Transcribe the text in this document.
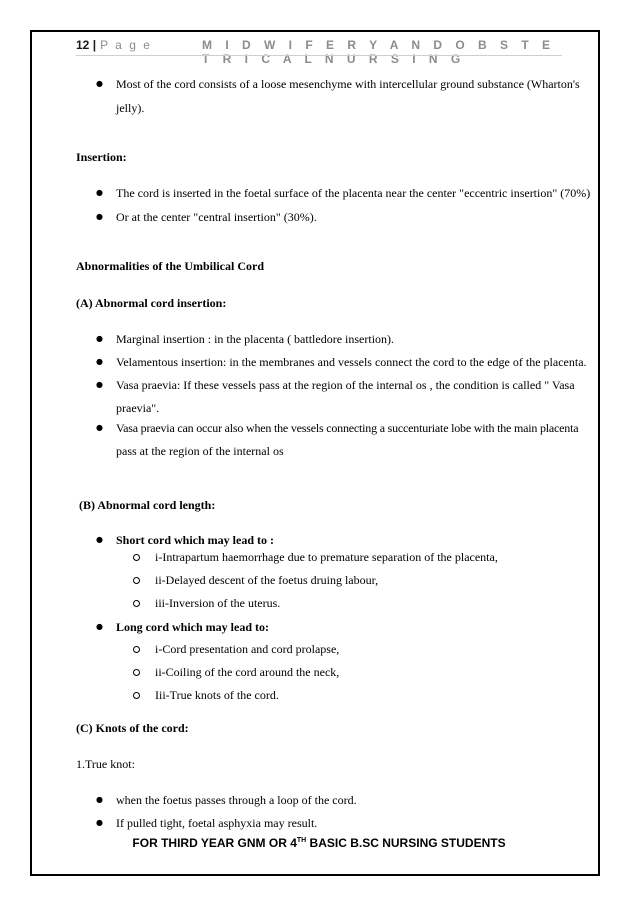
12 | P a g e	M I D W I F E R Y A N D O B S T E T R I C A L N U R S I N G
● Most of the cord consists of a loose mesenchyme with intercellular ground substance (Wharton's
jelly).
Insertion:
● The cord is inserted in the foetal surface of the placenta near the center "eccentric insertion" (70%)
● Or at the center "central insertion" (30%).
Abnormalities of the Umbilical Cord
(A) Abnormal cord insertion:
● Marginal insertion : in the placenta ( battledore insertion).
● Velamentous insertion: in the membranes and vessels connect the cord to the edge of the placenta.
● Vasa praevia: If these vessels pass at the region of the internal os , the condition is called " Vasa
praevia".
● Vasa praevia can occur also when the vessels connecting a succenturiate lobe with the main placenta
pass at the region of the internal os
(B) Abnormal cord length:
● Short cord which may lead to :
i-Intrapartum haemorrhage due to premature separation of the placenta,
ii-Delayed descent of the foetus druing labour,
iii-Inversion of the uterus.
● Long cord which may lead to:
i-Cord presentation and cord prolapse,
ii-Coiling of the cord around the neck,
Iii-True knots of the cord.
(C) Knots of the cord:
1.True knot:
● when the foetus passes through a loop of the cord.
● If pulled tight, foetal asphyxia may result.
FOR THIRD YEAR GNM OR 4TH BASIC B.SC NURSING STUDENTS
